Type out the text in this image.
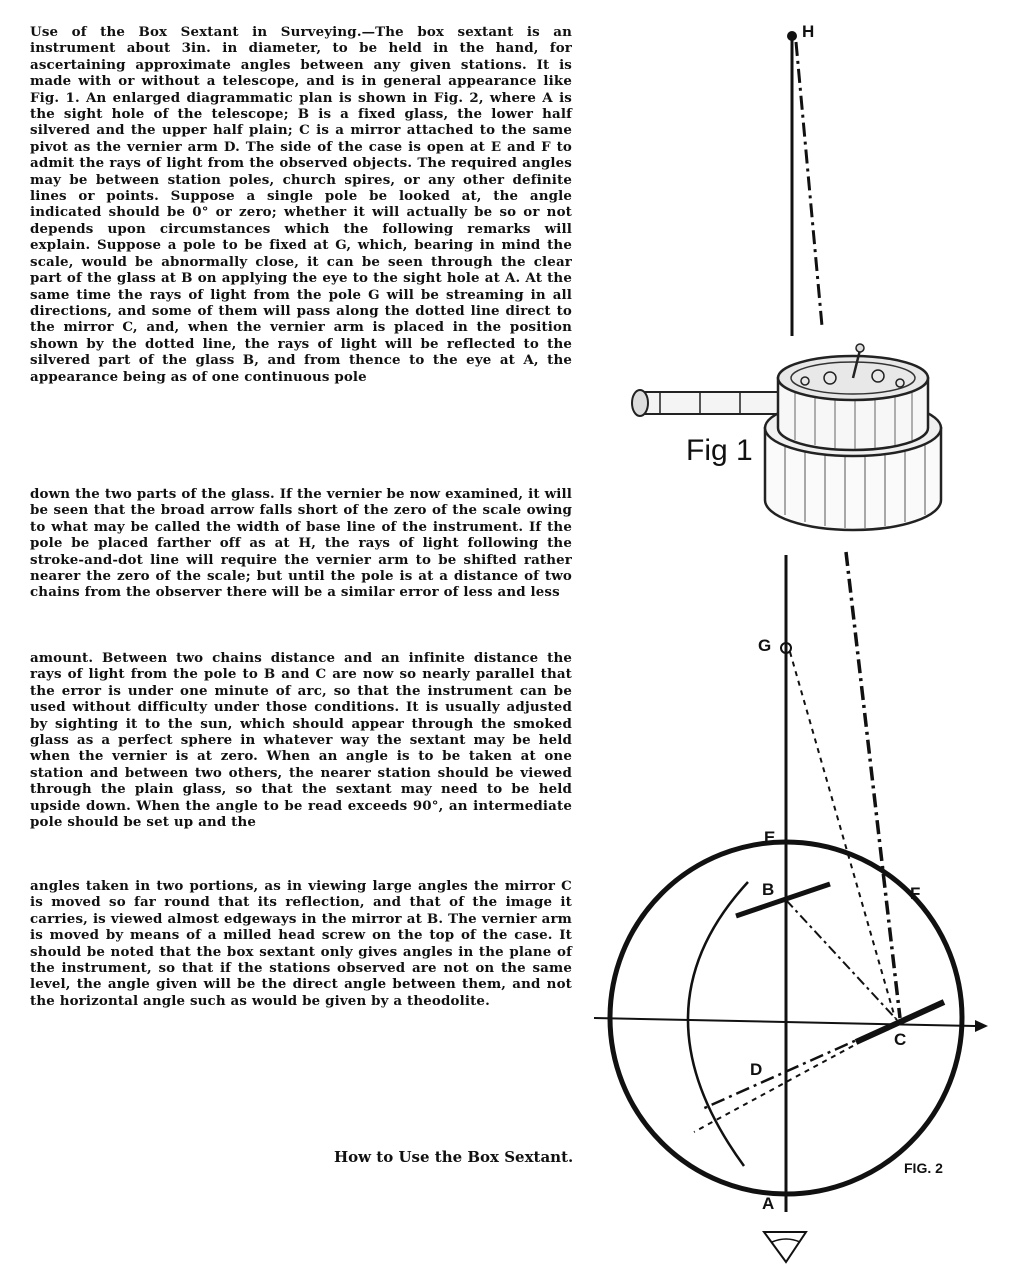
Use of the Box Sextant in Surveying.—The box sextant is an instrument about 3in. in diameter, to be held in the hand, for ascertaining approximate angles between any given stations. It is made with or without a telescope, and is in general appearance like Fig. 1. An enlarged diagrammatic plan is shown in Fig. 2, where A is the sight hole of the telescope; B is a fixed glass, the lower half silvered and the upper half plain; C is a mirror attached to the same pivot as the vernier arm D. The side of the case is open at E and F to admit the rays of light from the observed objects. The required angles may be between station poles, church spires, or any other definite lines or points. Suppose a single pole be looked at, the angle indicated should be 0° or zero; whether it will actually be so or not depends upon circumstances which the following remarks will explain. Suppose a pole to be fixed at G, which, bearing in mind the scale, would be abnormally close, it can be seen through the clear part of the glass at B on applying the eye to the sight hole at A. At the same time the rays of light from the pole G will be streaming in all directions, and some of them will pass along the dotted line direct to the mirror C, and, when the vernier arm is placed in the position shown by the dotted line, the rays of light will be reflected to the silvered part of the glass B, and from thence to the eye at A, the appearance being as of one continuous pole

down the two parts of the glass. If the vernier be now examined, it will be seen that the broad arrow falls short of the zero of the scale owing to what may be called the width of base line of the instrument. If the pole be placed farther off as at H, the rays of light following the stroke-and-dot line will require the vernier arm to be shifted rather nearer the zero of the scale; but until the pole is at a distance of two chains from the observer there will be a similar error of less and less

amount. Between two chains distance and an infinite distance the rays of light from the pole to B and C are now so nearly parallel that the error is under one minute of arc, so that the instrument can be used without difficulty under those conditions. It is usually adjusted by sighting it to the sun, which should appear through the smoked glass as a perfect sphere in whatever way the sextant may be held when the vernier is at zero. When an angle is to be taken at one station and between two others, the nearer station should be viewed through the plain glass, so that the sextant may need to be held upside down. When the angle to be read exceeds 90°, an intermediate pole should be set up and the

angles taken in two portions, as in viewing large angles the mirror C is moved so far round that its reflection, and that of the image it carries, is viewed almost edgeways in the mirror at B. The vernier arm is moved by means of a milled head screw on the top of the case. It should be noted that the box sextant only gives angles in the plane of the instrument, so that if the stations observed are not on the same level, the angle given will be the direct angle between them, and not the horizontal angle such as would be given by a theodolite.

How to Use the Box Sextant.
Fig 1
FIG. 2
H
G
E
B	F
C
D
A
